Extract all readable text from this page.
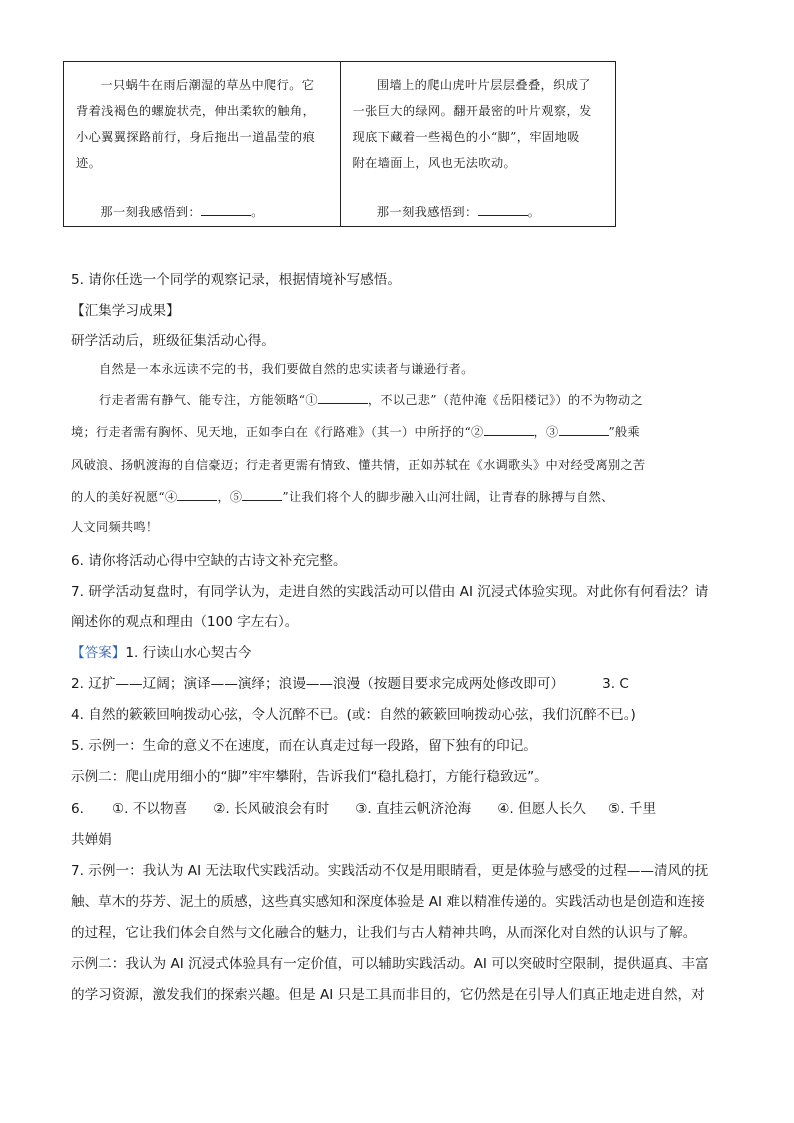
一只蜗牛在雨后潮湿的草丛中爬行。它

背着浅褐色的螺旋状壳，伸出柔软的触角，

小心翼翼探路前行，身后拖出一道晶莹的痕

迹。

那一刻我感悟到：	。

围墙上的爬山虎叶片层层叠叠，织成了

一张巨大的绿网。翻开最密的叶片观察，发

现底下藏着一些褐色的小“脚”，牢固地吸

附在墙面上，风也无法吹动。

那一刻我感悟到：	。

5. 请你任选一个同学的观察记录，根据情境补写感悟。

【汇集学习成果】

研学活动后，班级征集活动心得。

自然是一本永远读不完的书，我们要做自然的忠实读者与谦逊行者。

行走者需有静气、能专注，方能领略“①	，不以己悲”（范仲淹《岳阳楼记》）的不为物动之

境；行走者需有胸怀、见天地，正如李白在《行路难》（其一）中所抒的“②	，③	”般乘

风破浪、扬帆渡海的自信豪迈；行走者更需有情致、懂共情，正如苏轼在《水调歌头》中对经受离别之苦

的人的美好祝愿“④	，⑤	”让我们将个人的脚步融入山河壮阔，让青春的脉搏与自然、

人文同频共鸣！

6. 请你将活动心得中空缺的古诗文补充完整。

7. 研学活动复盘时，有同学认为，走进自然的实践活动可以借由 AI 沉浸式体验实现。对此你有何看法？请

阐述你的观点和理由（100 字左右）。

【答案】1. 行读山水心契古今

2. 辽扩——辽阔；演译——演绎；浪谩——浪漫（按题目要求完成两处修改即可）	3. C

4. 自然的簌簌回响拨动心弦，令人沉醉不已。(或：自然的簌簌回响拨动心弦，我们沉醉不已。)

5. 示例一：生命的意义不在速度，而在认真走过每一段路，留下独有的印记。

示例二：爬山虎用细小的“脚”牢牢攀附，告诉我们“稳扎稳打，方能行稳致远”。

6. ①. 不以物喜 ②. 长风破浪会有时 ③. 直挂云帆济沧海 ④. 但愿人长久 ⑤. 千里

共婵娟

7. 示例一：我认为 AI 无法取代实践活动。实践活动不仅是用眼睛看，更是体验与感受的过程——清风的抚

触、草木的芬芳、泥土的质感，这些真实感知和深度体验是 AI 难以精准传递的。实践活动也是创造和连接

的过程，它让我们体会自然与文化融合的魅力，让我们与古人精神共鸣，从而深化对自然的认识与了解。

示例二：我认为 AI 沉浸式体验具有一定价值，可以辅助实践活动。AI 可以突破时空限制，提供逼真、丰富

的学习资源，激发我们的探索兴趣。但是 AI 只是工具而非目的，它仍然是在引导人们真正地走进自然，对
